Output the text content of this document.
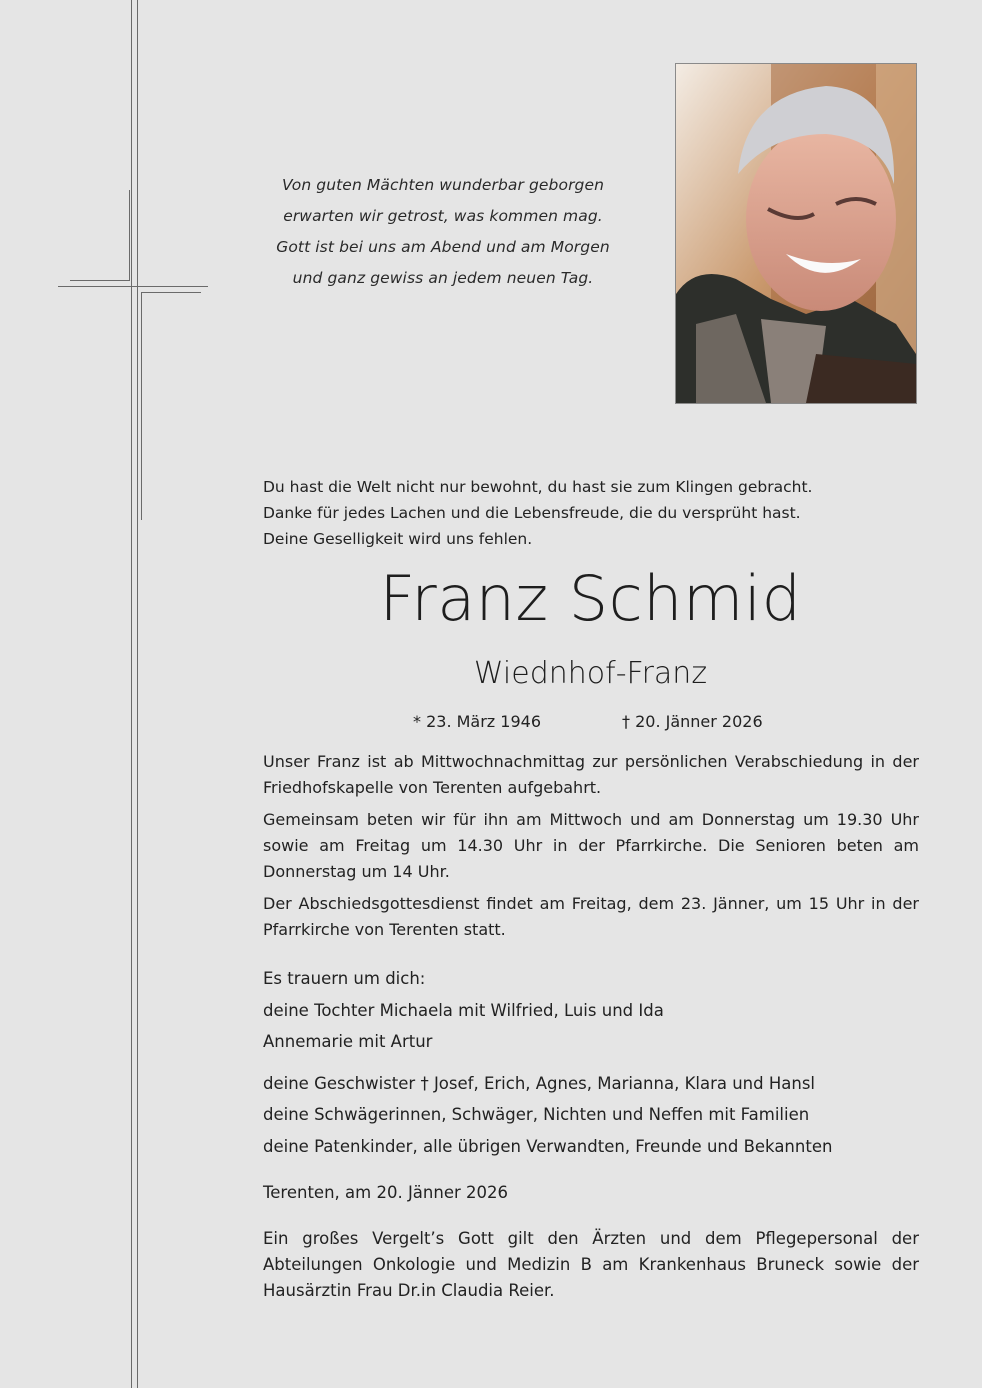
Von guten Mächten wunderbar geborgen
erwarten wir getrost, was kommen mag.
Gott ist bei uns am Abend und am Morgen
und ganz gewiss an jedem neuen Tag.
Du hast die Welt nicht nur bewohnt, du hast sie zum Klingen gebracht.
Danke für jedes Lachen und die Lebensfreude, die du versprüht hast.
Deine Geselligkeit wird uns fehlen.
Franz Schmid
Wiednhof-Franz
* 23. März 1946	† 20. Jänner 2026

Unser Franz ist ab Mittwochnachmittag zur persönlichen Verabschiedung in der Friedhofskapelle von Terenten aufgebahrt.

Gemeinsam beten wir für ihn am Mittwoch und am Donnerstag um 19.30 Uhr sowie am Freitag um 14.30 Uhr in der Pfarrkirche. Die Senioren beten am Donnerstag um 14 Uhr.

Der Abschiedsgottesdienst findet am Freitag, dem 23. Jänner, um 15 Uhr in der Pfarrkirche von Terenten statt.

Es trauern um dich:
deine Tochter Michaela mit Wilfried, Luis und Ida
Annemarie mit Artur
deine Geschwister † Josef, Erich, Agnes, Marianna, Klara und Hansl
deine Schwägerinnen, Schwäger, Nichten und Neffen mit Familien
deine Patenkinder, alle übrigen Verwandten, Freunde und Bekannten
Terenten, am 20. Jänner 2026

Ein großes Vergelt’s Gott gilt den Ärzten und dem Pflegepersonal der Abteilungen Onkologie und Medizin B am Krankenhaus Bruneck sowie der Hausärztin Frau Dr.in Claudia Reier.
